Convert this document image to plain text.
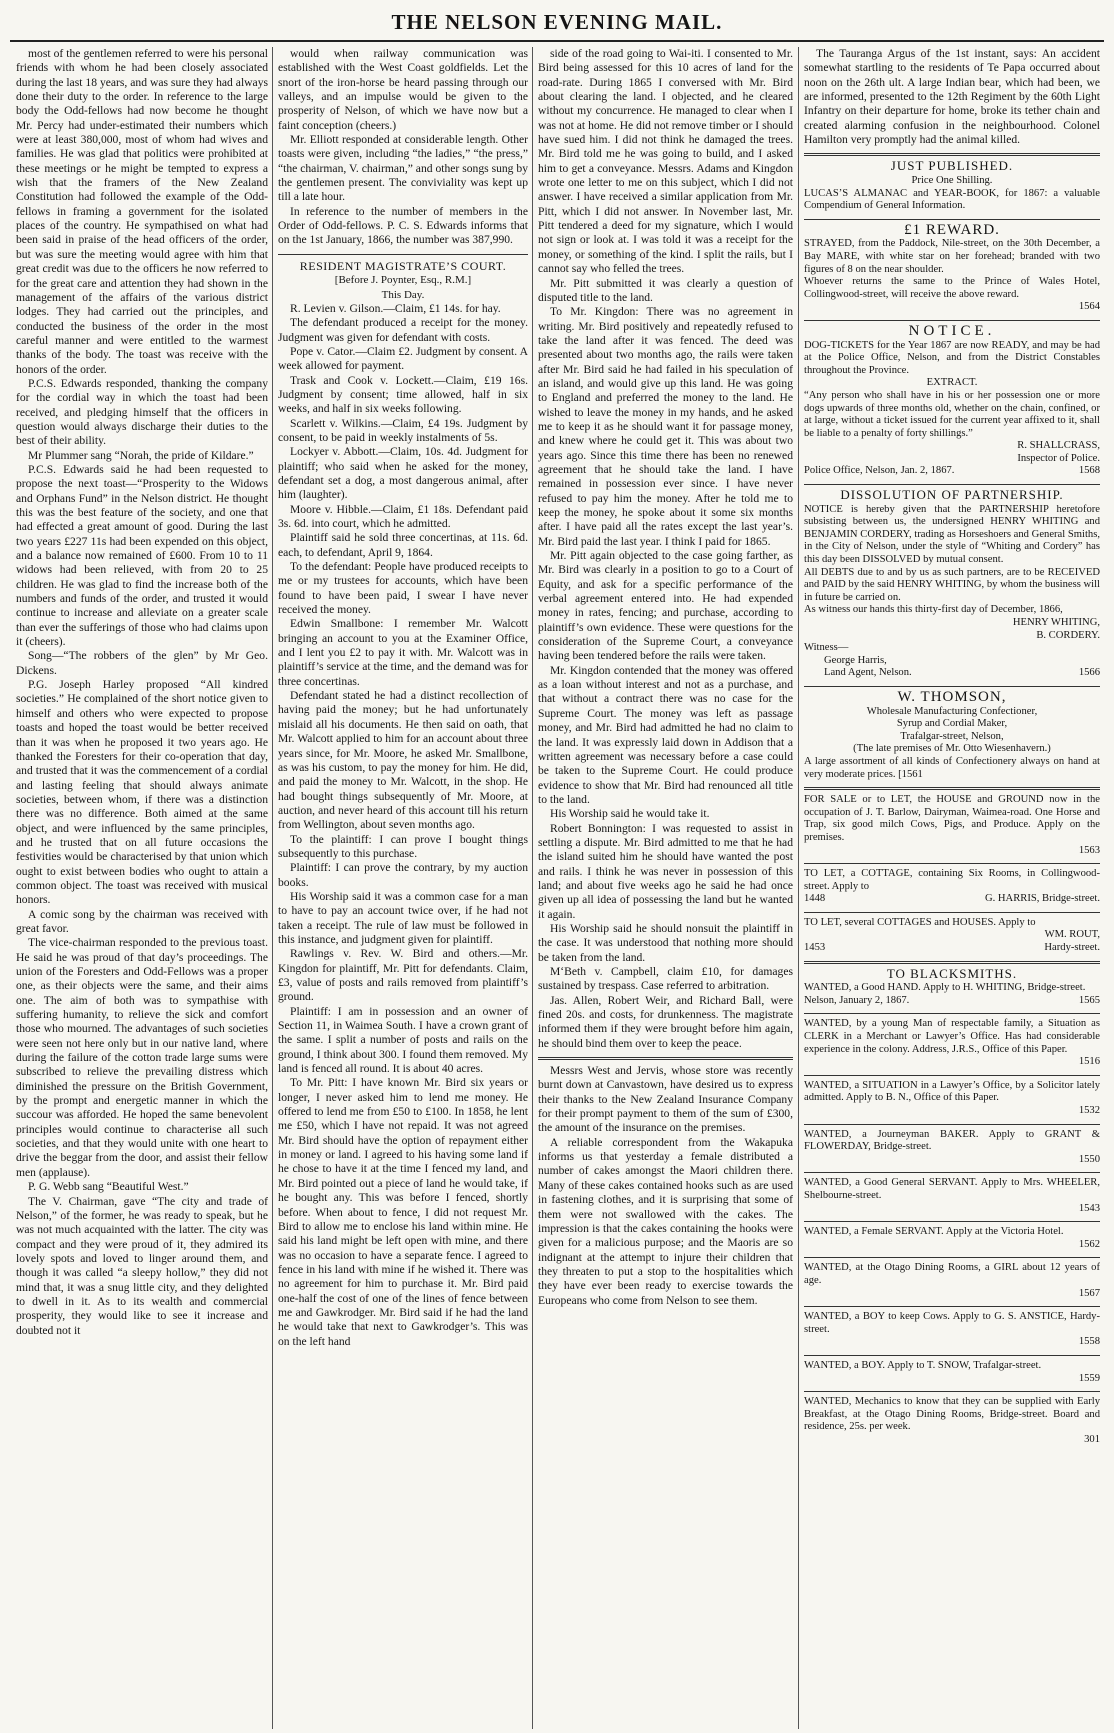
THE NELSON EVENING MAIL.

most of the gentlemen referred to were his personal friends with whom he had been closely associated during the last 18 years, and was sure they had always done their duty to the order. In reference to the large body the Odd-fellows had now become he thought Mr. Percy had under-estimated their numbers which were at least 380,000, most of whom had wives and families. He was glad that politics were prohibited at these meetings or he might be tempted to express a wish that the framers of the New Zealand Constitution had followed the example of the Odd-fellows in framing a government for the isolated places of the country. He sympathised on what had been said in praise of the head officers of the order, but was sure the meeting would agree with him that great credit was due to the officers he now referred to for the great care and attention they had shown in the management of the affairs of the various district lodges. They had carried out the principles, and conducted the business of the order in the most careful manner and were entitled to the warmest thanks of the body. The toast was receive with the honors of the order.

P.C.S. Edwards responded, thanking the company for the cordial way in which the toast had been received, and pledging himself that the officers in question would always discharge their duties to the best of their ability.

Mr Plummer sang “Norah, the pride of Kildare.”

P.C.S. Edwards said he had been requested to propose the next toast—“Prosperity to the Widows and Orphans Fund” in the Nelson district. He thought this was the best feature of the society, and one that had effected a great amount of good. During the last two years £227 11s had been expended on this object, and a balance now remained of £600. From 10 to 11 widows had been relieved, with from 20 to 25 children. He was glad to find the increase both of the numbers and funds of the order, and trusted it would continue to increase and alleviate on a greater scale than ever the sufferings of those who had claims upon it (cheers).

Song—“The robbers of the glen” by Mr Geo. Dickens.

P.G. Joseph Harley proposed “All kindred societies.” He complained of the short notice given to himself and others who were expected to propose toasts and hoped the toast would be better received than it was when he proposed it two years ago. He thanked the Foresters for their co-operation that day, and trusted that it was the commencement of a cordial and lasting feeling that should always animate societies, between whom, if there was a distinction there was no difference. Both aimed at the same object, and were influenced by the same principles, and he trusted that on all future occasions the festivities would be characterised by that union which ought to exist between bodies who ought to attain a common object. The toast was received with musical honors.

A comic song by the chairman was received with great favor.

The vice-chairman responded to the previous toast. He said he was proud of that day’s proceedings. The union of the Foresters and Odd-Fellows was a proper one, as their objects were the same, and their aims one. The aim of both was to sympathise with suffering humanity, to relieve the sick and comfort those who mourned. The advantages of such societies were seen not here only but in our native land, where during the failure of the cotton trade large sums were subscribed to relieve the prevailing distress which diminished the pressure on the British Government, by the prompt and energetic manner in which the succour was afforded. He hoped the same benevolent principles would continue to characterise all such societies, and that they would unite with one heart to drive the beggar from the door, and assist their fellow men (applause).

P. G. Webb sang “Beautiful West.”

The V. Chairman, gave “The city and trade of Nelson,” of the former, he was ready to speak, but he was not much acquainted with the latter. The city was compact and they were proud of it, they admired its lovely spots and loved to linger around them, and though it was called “a sleepy hollow,” they did not mind that, it was a snug little city, and they delighted to dwell in it. As to its wealth and commercial prosperity, they would like to see it increase and doubted not it

would when railway communication was established with the West Coast goldfields. Let the snort of the iron-horse be heard passing through our valleys, and an impulse would be given to the prosperity of Nelson, of which we have now but a faint conception (cheers.)

Mr. Elliott responded at considerable length. Other toasts were given, including “the ladies,” “the press,” “the chairman, V. chairman,” and other songs sung by the gentlemen present. The conviviality was kept up till a late hour.

In reference to the number of members in the Order of Odd-fellows. P. C. S. Edwards informs that on the 1st January, 1866, the number was 387,990.

RESIDENT MAGISTRATE’S COURT.

[Before J. Poynter, Esq., R.M.]

This Day.

R. Levien v. Gilson.—Claim, £1 14s. for hay.

The defendant produced a receipt for the money. Judgment was given for defendant with costs.

Pope v. Cator.—Claim £2. Judgment by consent. A week allowed for payment.

Trask and Cook v. Lockett.—Claim, £19 16s. Judgment by consent; time allowed, half in six weeks, and half in six weeks following.

Scarlett v. Wilkins.—Claim, £4 19s. Judgment by consent, to be paid in weekly instalments of 5s.

Lockyer v. Abbott.—Claim, 10s. 4d. Judgment for plaintiff; who said when he asked for the money, defendant set a dog, a most dangerous animal, after him (laughter).

Moore v. Hibble.—Claim, £1 18s. Defendant paid 3s. 6d. into court, which he admitted.

Plaintiff said he sold three concertinas, at 11s. 6d. each, to defendant, April 9, 1864.

To the defendant: People have produced receipts to me or my trustees for accounts, which have been found to have been paid, I swear I have never received the money.

Edwin Smallbone: I remember Mr. Walcott bringing an account to you at the Examiner Office, and I lent you £2 to pay it with. Mr. Walcott was in plaintiff’s service at the time, and the demand was for three concertinas.

Defendant stated he had a distinct recollection of having paid the money; but he had unfortunately mislaid all his documents. He then said on oath, that Mr. Walcott applied to him for an account about three years since, for Mr. Moore, he asked Mr. Smallbone, as was his custom, to pay the money for him. He did, and paid the money to Mr. Walcott, in the shop. He had bought things subsequently of Mr. Moore, at auction, and never heard of this account till his return from Wellington, about seven months ago.

To the plaintiff: I can prove I bought things subsequently to this purchase.

Plaintiff: I can prove the contrary, by my auction books.

His Worship said it was a common case for a man to have to pay an account twice over, if he had not taken a receipt. The rule of law must be followed in this instance, and judgment given for plaintiff.

Rawlings v. Rev. W. Bird and others.—Mr. Kingdon for plaintiff, Mr. Pitt for defendants. Claim, £3, value of posts and rails removed from plaintiff’s ground.

Plaintiff: I am in possession and an owner of Section 11, in Waimea South. I have a crown grant of the same. I split a number of posts and rails on the ground, I think about 300. I found them removed. My land is fenced all round. It is about 40 acres.

To Mr. Pitt: I have known Mr. Bird six years or longer, I never asked him to lend me money. He offered to lend me from £50 to £100. In 1858, he lent me £50, which I have not repaid. It was not agreed Mr. Bird should have the option of repayment either in money or land. I agreed to his having some land if he chose to have it at the time I fenced my land, and Mr. Bird pointed out a piece of land he would take, if he bought any. This was before I fenced, shortly before. When about to fence, I did not request Mr. Bird to allow me to enclose his land within mine. He said his land might be left open with mine, and there was no occasion to have a separate fence. I agreed to fence in his land with mine if he wished it. There was no agreement for him to purchase it. Mr. Bird paid one-half the cost of one of the lines of fence between me and Gawkrodger. Mr. Bird said if he had the land he would take that next to Gawkrodger’s. This was on the left hand

side of the road going to Wai-iti. I consented to Mr. Bird being assessed for this 10 acres of land for the road-rate. During 1865 I conversed with Mr. Bird about clearing the land. I objected, and he cleared without my concurrence. He managed to clear when I was not at home. He did not remove timber or I should have sued him. I did not think he damaged the trees. Mr. Bird told me he was going to build, and I asked him to get a conveyance. Messrs. Adams and Kingdon wrote one letter to me on this subject, which I did not answer. I have received a similar application from Mr. Pitt, which I did not answer. In November last, Mr. Pitt tendered a deed for my signature, which I would not sign or look at. I was told it was a receipt for the money, or something of the kind. I split the rails, but I cannot say who felled the trees.

Mr. Pitt submitted it was clearly a question of disputed title to the land.

To Mr. Kingdon: There was no agreement in writing. Mr. Bird positively and repeatedly refused to take the land after it was fenced. The deed was presented about two months ago, the rails were taken after Mr. Bird said he had failed in his speculation of an island, and would give up this land. He was going to England and preferred the money to the land. He wished to leave the money in my hands, and he asked me to keep it as he should want it for passage money, and knew where he could get it. This was about two years ago. Since this time there has been no renewed agreement that he should take the land. I have remained in possession ever since. I have never refused to pay him the money. After he told me to keep the money, he spoke about it some six months after. I have paid all the rates except the last year’s. Mr. Bird paid the last year. I think I paid for 1865.

Mr. Pitt again objected to the case going farther, as Mr. Bird was clearly in a position to go to a Court of Equity, and ask for a specific performance of the verbal agreement entered into. He had expended money in rates, fencing; and purchase, according to plaintiff’s own evidence. These were questions for the consideration of the Supreme Court, a conveyance having been tendered before the rails were taken.

Mr. Kingdon contended that the money was offered as a loan without interest and not as a purchase, and that without a contract there was no case for the Supreme Court. The money was left as passage money, and Mr. Bird had admitted he had no claim to the land. It was expressly laid down in Addison that a written agreement was necessary before a case could be taken to the Supreme Court. He could produce evidence to show that Mr. Bird had renounced all title to the land.

His Worship said he would take it.

Robert Bonnington: I was requested to assist in settling a dispute. Mr. Bird admitted to me that he had the island suited him he should have wanted the post and rails. I think he was never in possession of this land; and about five weeks ago he said he had once given up all idea of possessing the land but he wanted it again.

His Worship said he should nonsuit the plaintiff in the case. It was understood that nothing more should be taken from the land.

M‘Beth v. Campbell, claim £10, for damages sustained by trespass. Case referred to arbitration.

Jas. Allen, Robert Weir, and Richard Ball, were fined 20s. and costs, for drunkenness. The magistrate informed them if they were brought before him again, he should bind them over to keep the peace.

Messrs West and Jervis, whose store was recently burnt down at Canvastown, have desired us to express their thanks to the New Zealand Insurance Company for their prompt payment to them of the sum of £300, the amount of the insurance on the premises.

A reliable correspondent from the Wakapuka informs us that yesterday a female distributed a number of cakes amongst the Maori children there. Many of these cakes contained hooks such as are used in fastening clothes, and it is surprising that some of them were not swallowed with the cakes. The impression is that the cakes containing the hooks were given for a malicious purpose; and the Maoris are so indignant at the attempt to injure their children that they threaten to put a stop to the hospitalities which they have ever been ready to exercise towards the Europeans who come from Nelson to see them.

The Tauranga Argus of the 1st instant, says: An accident somewhat startling to the residents of Te Papa occurred about noon on the 26th ult. A large Indian bear, which had been, we are informed, presented to the 12th Regiment by the 60th Light Infantry on their departure for home, broke its tether chain and created alarming confusion in the neighbourhood. Colonel Hamilton very promptly had the animal killed.

JUST PUBLISHED.

Price One Shilling.

LUCAS’S ALMANAC and YEAR-BOOK, for 1867: a valuable Compendium of General Information.

£1 REWARD.

STRAYED, from the Paddock, Nile-street, on the 30th December, a Bay MARE, with white star on her forehead; branded with two figures of 8 on the near shoulder.

Whoever returns the same to the Prince of Wales Hotel, Collingwood-street, will receive the above reward.

1564

NOTICE.

DOG-TICKETS for the Year 1867 are now READY, and may be had at the Police Office, Nelson, and from the District Constables throughout the Province.

EXTRACT.

“Any person who shall have in his or her possession one or more dogs upwards of three months old, whether on the chain, confined, or at large, without a ticket issued for the current year affixed to it, shall be liable to a penalty of forty shillings.”

R. SHALLCRASS,

Inspector of Police.

Police Office, Nelson, Jan. 2, 1867.	1568

DISSOLUTION OF PARTNERSHIP.

NOTICE is hereby given that the PARTNERSHIP heretofore subsisting between us, the undersigned HENRY WHITING and BENJAMIN CORDERY, trading as Horseshoers and General Smiths, in the City of Nelson, under the style of “Whiting and Cordery” has this day been DISSOLVED by mutual consent.

All DEBTS due to and by us as such partners, are to be RECEIVED and PAID by the said HENRY WHITING, by whom the business will in future be carried on.

As witness our hands this thirty-first day of December, 1866,

HENRY WHITING,

B. CORDERY.

Witness—

George Harris,

Land Agent, Nelson.	1566

W. THOMSON,

Wholesale Manufacturing Confectioner,

Syrup and Cordial Maker,

Trafalgar-street, Nelson,

(The late premises of Mr. Otto Wiesenhavern.)

A large assortment of all kinds of Confectionery always on hand at very moderate prices. [1561

FOR SALE or to LET, the HOUSE and GROUND now in the occupation of J. T. Barlow, Dairyman, Waimea-road. One Horse and Trap, six good milch Cows, Pigs, and Produce. Apply on the premises.

1563

TO LET, a COTTAGE, containing Six Rooms, in Collingwood-street. Apply to

1448	G. HARRIS, Bridge-street.

TO LET, several COTTAGES and HOUSES. Apply to

WM. ROUT,

1453	Hardy-street.

TO BLACKSMITHS.

WANTED, a Good HAND. Apply to H. WHITING, Bridge-street.

Nelson, January 2, 1867.	1565

WANTED, by a young Man of respectable family, a Situation as CLERK in a Merchant or Lawyer’s Office. Has had considerable experience in the colony. Address, J.R.S., Office of this Paper.

1516

WANTED, a SITUATION in a Lawyer’s Office, by a Solicitor lately admitted. Apply to B. N., Office of this Paper.

1532

WANTED, a Journeyman BAKER. Apply to GRANT & FLOWERDAY, Bridge-street.

1550

WANTED, a Good General SERVANT. Apply to Mrs. WHEELER, Shelbourne-street.

1543

WANTED, a Female SERVANT. Apply at the Victoria Hotel.

1562

WANTED, at the Otago Dining Rooms, a GIRL about 12 years of age.

1567

WANTED, a BOY to keep Cows. Apply to G. S. ANSTICE, Hardy-street.

1558

WANTED, a BOY. Apply to T. SNOW, Trafalgar-street.

1559

WANTED, Mechanics to know that they can be supplied with Early Breakfast, at the Otago Dining Rooms, Bridge-street. Board and residence, 25s. per week.

301
